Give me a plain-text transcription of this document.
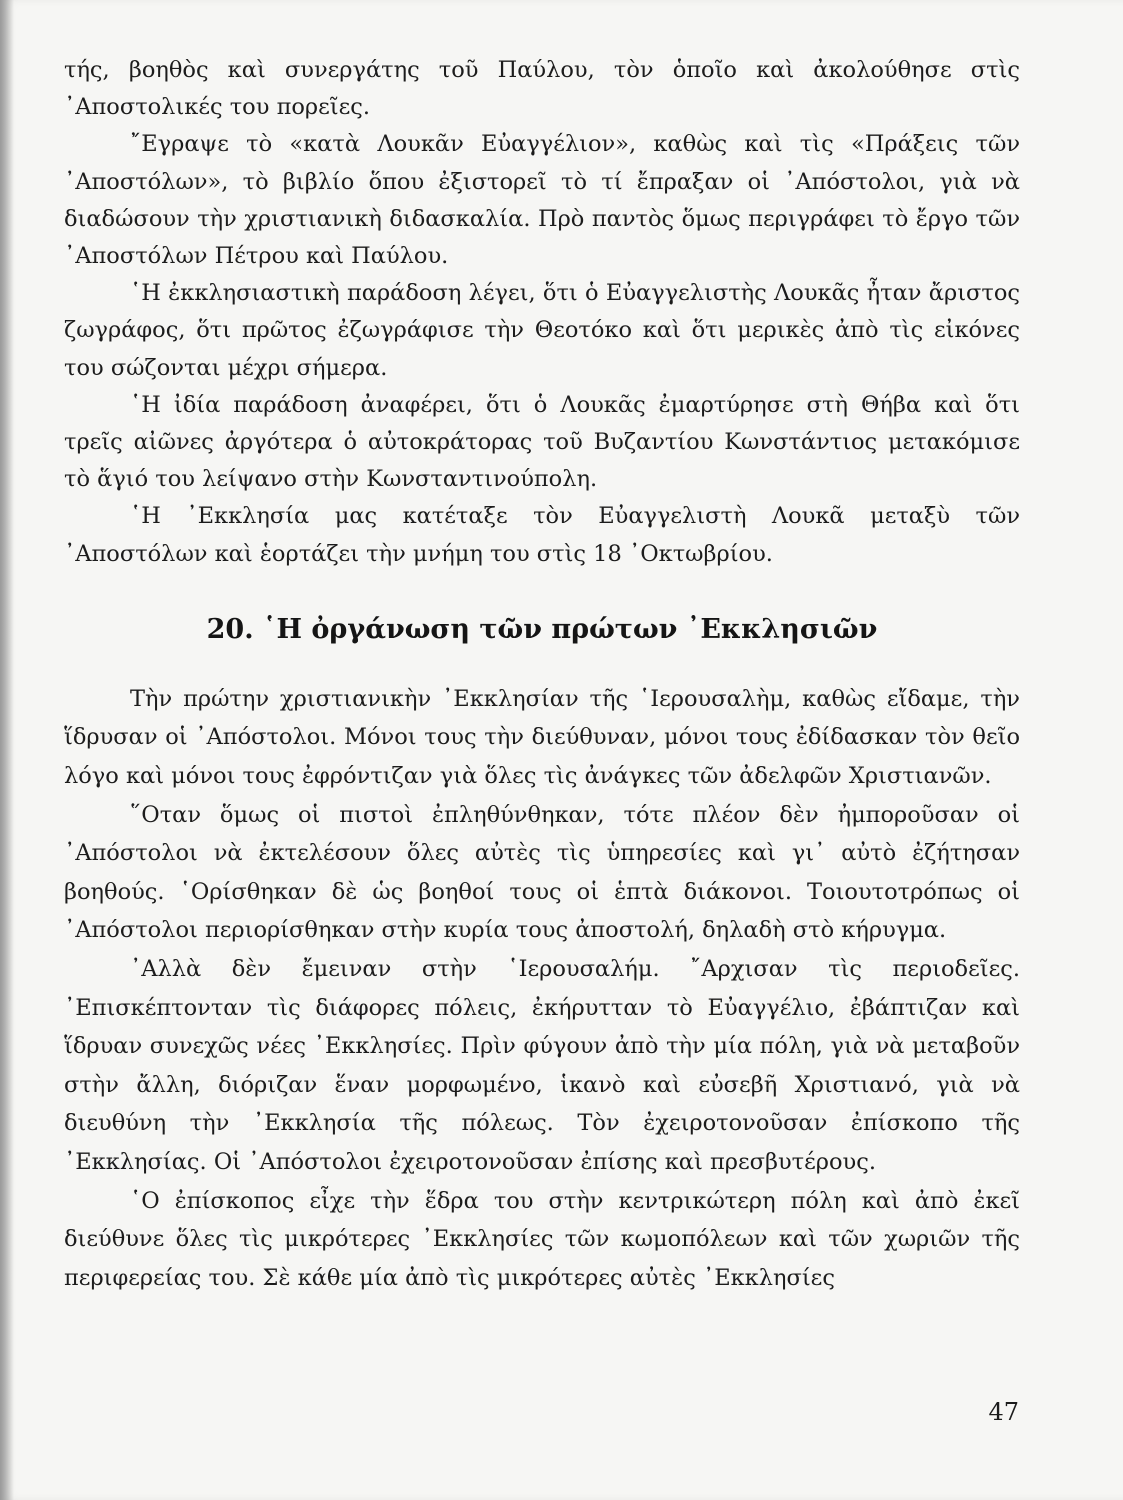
τής, βοηθὸς καὶ συνεργάτης τοῦ Παύλου, τὸν ὁποῖο καὶ ἀκολούθησε στὶς ᾿Αποστολικές του πορεῖες.

῎Εγραψε τὸ «κατὰ Λουκᾶν Εὐαγγέλιον», καθὼς καὶ τὶς «Πράξεις τῶν ᾿Αποστόλων», τὸ βιβλίο ὅπου ἐξιστορεῖ τὸ τί ἔπραξαν οἱ ᾿Απόστολοι, γιὰ νὰ διαδώσουν τὴν χριστιανικὴ διδασκαλία. Πρὸ παντὸς ὅμως περιγράφει τὸ ἔργο τῶν ᾿Αποστόλων Πέτρου καὶ Παύλου.

῾Η ἐκκλησιαστικὴ παράδοση λέγει, ὅτι ὁ Εὐαγγελιστὴς Λουκᾶς ἦταν ἄριστος ζωγράφος, ὅτι πρῶτος ἐζωγράφισε τὴν Θεοτόκο καὶ ὅτι μερικὲς ἀπὸ τὶς εἰκόνες του σώζονται μέχρι σήμερα.

῾Η ἰδία παράδοση ἀναφέρει, ὅτι ὁ Λουκᾶς ἐμαρτύρησε στὴ Θήβα καὶ ὅτι τρεῖς αἰῶνες ἀργότερα ὁ αὐτοκράτορας τοῦ Βυζαντίου Κωνστάντιος μετακόμισε τὸ ἅγιό του λείψανο στὴν Κωνσταντινούπολη.

῾Η ᾿Εκκλησία μας κατέταξε τὸν Εὐαγγελιστὴ Λουκᾶ μεταξὺ τῶν ᾿Αποστόλων καὶ ἑορτάζει τὴν μνήμη του στὶς 18 ᾿Οκτωβρίου.

20. ῾Η ὀργάνωση τῶν πρώτων ᾿Εκκλησιῶν

Τὴν πρώτην χριστιανικὴν ᾿Εκκλησίαν τῆς ῾Ιερουσαλὴμ, καθὼς εἴδαμε, τὴν ἵδρυσαν οἱ ᾿Απόστολοι. Μόνοι τους τὴν διεύθυναν, μόνοι τους ἐδίδασκαν τὸν θεῖο λόγο καὶ μόνοι τους ἐφρόντιζαν γιὰ ὅλες τὶς ἀνάγκες τῶν ἀδελφῶν Χριστιανῶν.

῞Οταν ὅμως οἱ πιστοὶ ἐπληθύνθηκαν, τότε πλέον δὲν ἠμποροῦσαν οἱ ᾿Απόστολοι νὰ ἐκτελέσουν ὅλες αὐτὲς τὶς ὑπηρεσίες καὶ γι᾿ αὐτὸ ἐζήτησαν βοηθούς. ῾Ορίσθηκαν δὲ ὡς βοηθοί τους οἱ ἑπτὰ διάκονοι. Τοιουτοτρόπως οἱ ᾿Απόστολοι περιορίσθηκαν στὴν κυρία τους ἀποστολή, δηλαδὴ στὸ κήρυγμα.

᾿Αλλὰ δὲν ἔμειναν στὴν ῾Ιερουσαλήμ. ῎Αρχισαν τὶς περιοδεῖες. ᾿Επισκέπτονταν τὶς διάφορες πόλεις, ἐκήρυτταν τὸ Εὐαγγέλιο, ἐβάπτιζαν καὶ ἵδρυαν συνεχῶς νέες ᾿Εκκλησίες. Πρὶν φύγουν ἀπὸ τὴν μία πόλη, γιὰ νὰ μεταβοῦν στὴν ἄλλη, διόριζαν ἕναν μορφωμένο, ἱκανὸ καὶ εὐσεβῆ Χριστιανό, γιὰ νὰ διευθύνη τὴν ᾿Εκκλησία τῆς πόλεως. Τὸν ἐχειροτονοῦσαν ἐπίσκοπο τῆς ᾿Εκκλησίας. Οἱ ᾿Απόστολοι ἐχειροτονοῦσαν ἐπίσης καὶ πρεσβυτέρους.

῾Ο ἐπίσκοπος εἶχε τὴν ἕδρα του στὴν κεντρικώτερη πόλη καὶ ἀπὸ ἐκεῖ διεύθυνε ὅλες τὶς μικρότερες ᾿Εκκλησίες τῶν κωμοπόλεων καὶ τῶν χωριῶν τῆς περιφερείας του. Σὲ κάθε μία ἀπὸ τὶς μικρότερες αὐτὲς ᾿Εκκλησίες

47
